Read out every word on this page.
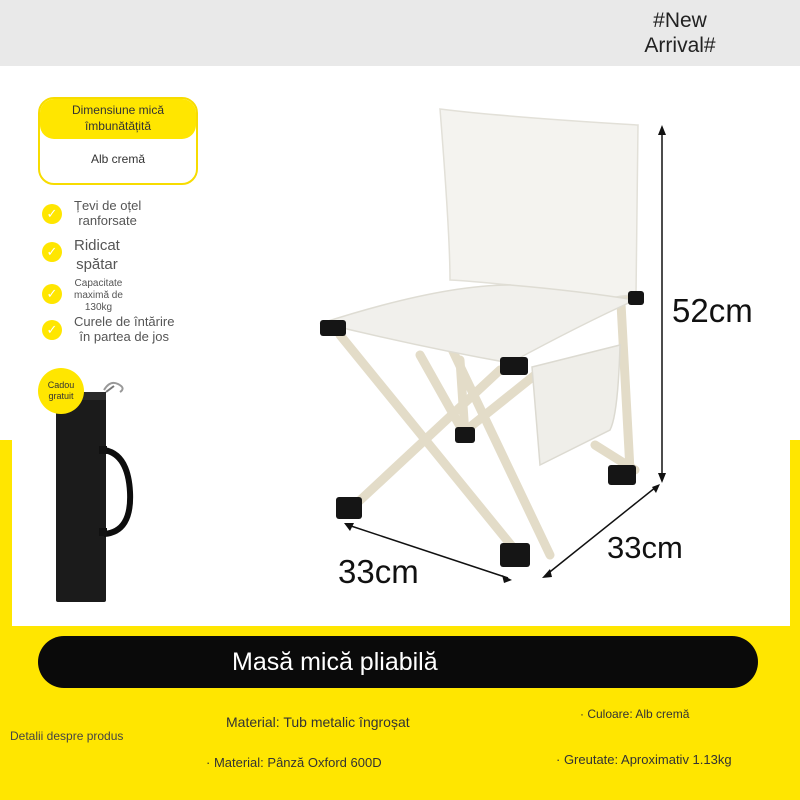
#New
Arrival#
Dimensiune mică
îmbunătățită
Alb cremă
✓
Țevi de oțel
ranforsate
✓	Ridicat
spătar
✓
Capacitate
maximă de
130kg
✓
Curele de întărire
în partea de jos
Cadou
gratuit
52cm
33cm
33cm
Masă mică pliabilă
Detalii despre produs
Material: Tub metalic îngroșat	· Culoare: Alb cremă
· Material: Pânză Oxford 600D	· Greutate: Aproximativ 1.13kg
